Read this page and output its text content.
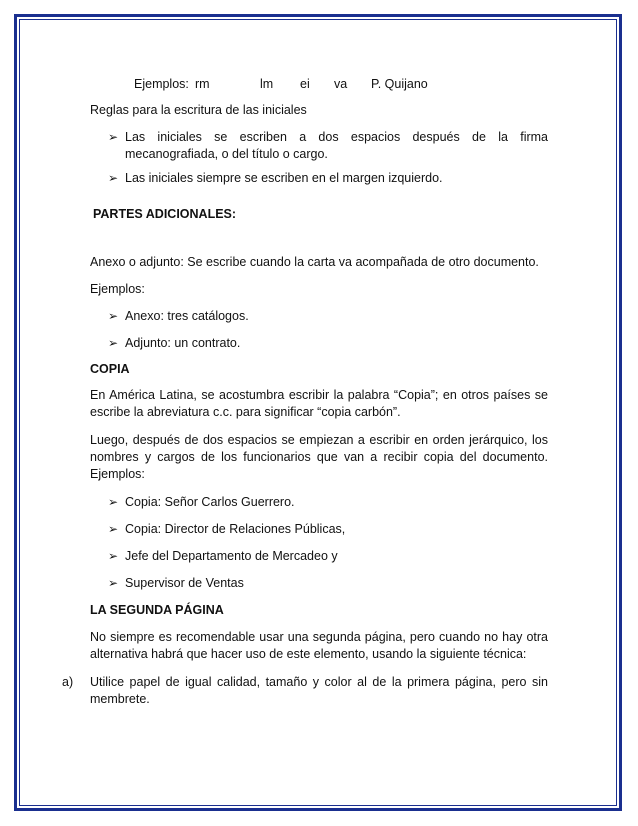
Ejemplos: rm	lm ei va P. Quijano
Reglas para la escritura de las iniciales
➢ Las iniciales se escriben a dos espacios después de la firma mecanografiada, o del título o cargo.
➢ Las iniciales siempre se escriben en el margen izquierdo.
PARTES ADICIONALES:
Anexo o adjunto: Se escribe cuando la carta va acompañada de otro documento.
Ejemplos:
➢ Anexo: tres catálogos.
➢ Adjunto: un contrato.
COPIA
En América Latina, se acostumbra escribir la palabra “Copia”; en otros países se escribe la abreviatura c.c. para significar “copia carbón”.
Luego, después de dos espacios se empiezan a escribir en orden jerárquico, los nombres y cargos de los funcionarios que van a recibir copia del documento. Ejemplos:
➢ Copia: Señor Carlos Guerrero.
➢ Copia: Director de Relaciones Públicas,
➢ Jefe del Departamento de Mercadeo y
➢ Supervisor de Ventas
LA SEGUNDA PÁGINA
No siempre es recomendable usar una segunda página, pero cuando no hay otra alternativa habrá que hacer uso de este elemento, usando la siguiente técnica:
a) Utilice papel de igual calidad, tamaño y color al de la primera página, pero sin membrete.
